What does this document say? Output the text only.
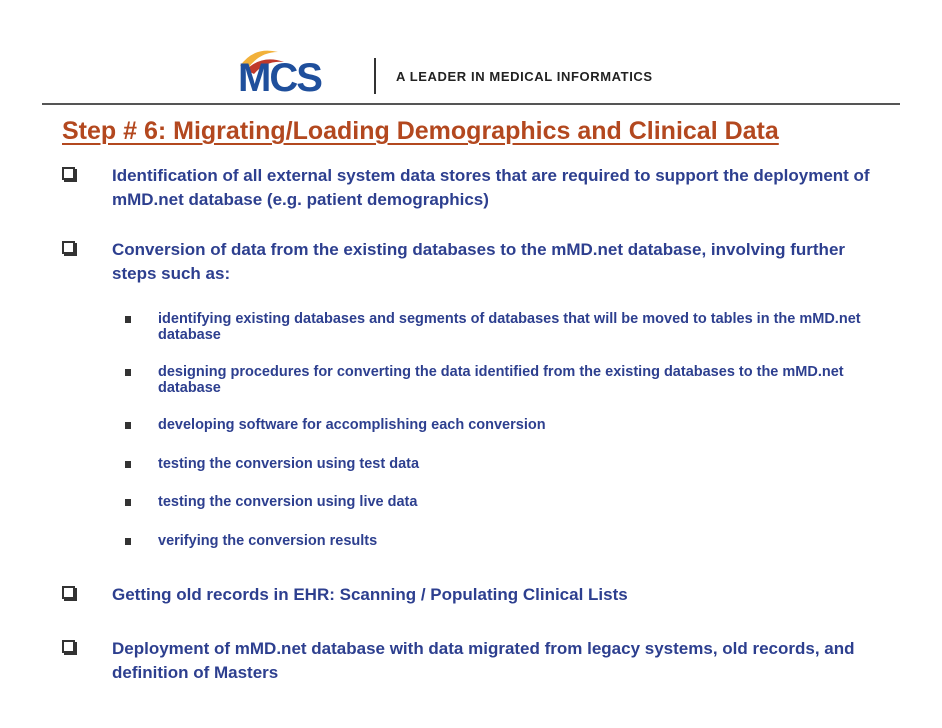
MCS	A LEADER IN MEDICAL INFORMATICS
Step # 6: Migrating/Loading Demographics and Clinical Data
Identification of all external system data stores that are required to support the deployment of mMD.net database (e.g. patient demographics)
Conversion of data from the existing databases to the mMD.net database, involving further steps such as:
identifying existing databases and segments of databases that will be moved to tables in the mMD.net database
designing procedures for converting the data identified from the existing databases to the mMD.net database
developing software for accomplishing each conversion
testing the conversion using test data
testing the conversion using live data
verifying the conversion results
Getting old records in EHR: Scanning / Populating Clinical Lists
Deployment of mMD.net database with data migrated from legacy systems, old records, and definition of Masters
